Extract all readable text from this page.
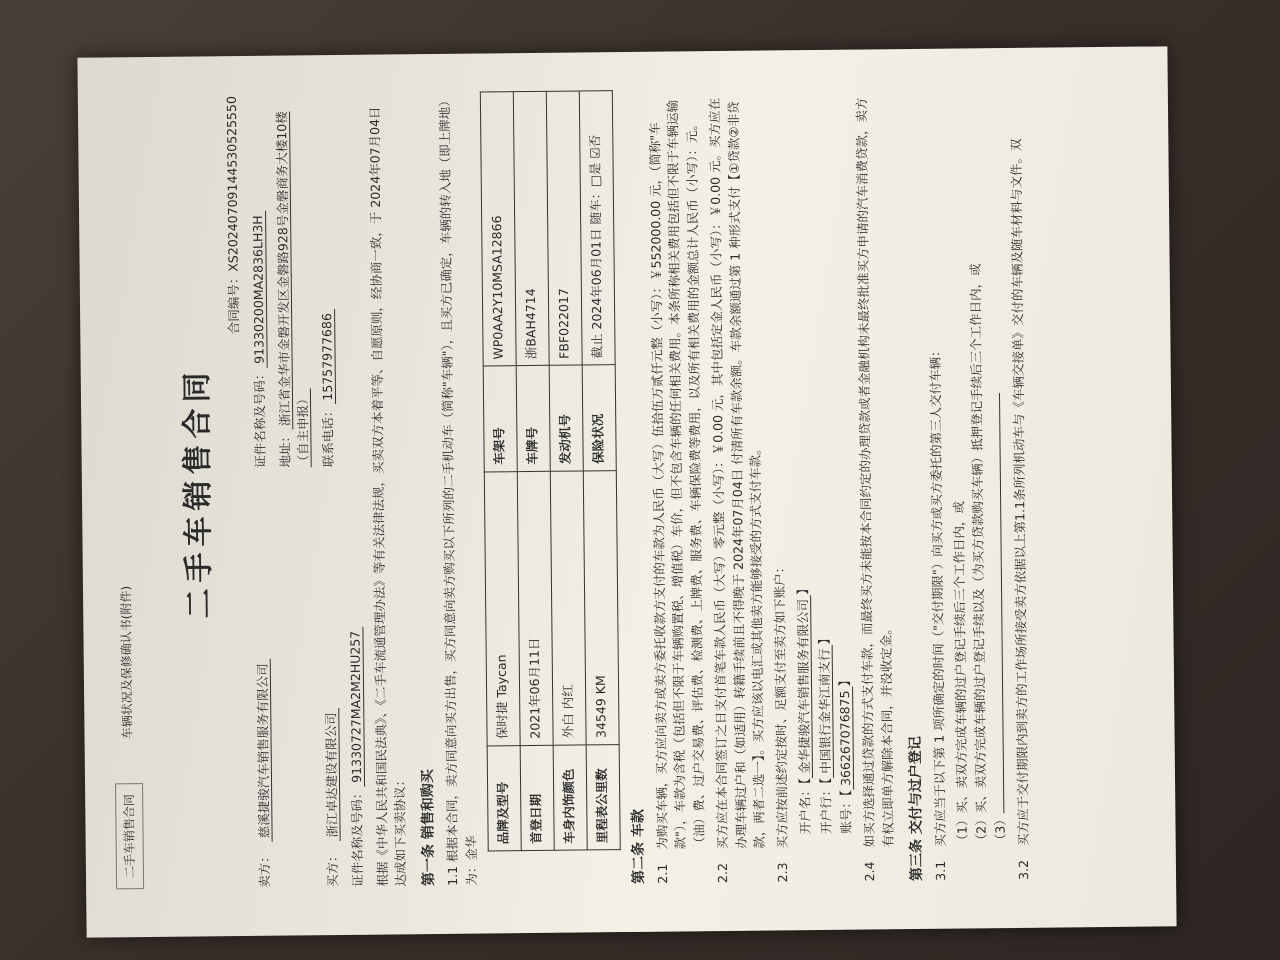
二手车销售合同
车辆状况及保修确认书(附件)
二手车销售合同
合同编号：XS20240709144530525550
卖方：慈溪捷骏汽车销售服务有限公司
证件名称及号码：91330200MA2836LH3H
地址：浙江省金华市金磐开发区金磐路928号金磐商务大楼10楼（自主申报）
买方：浙江卓达建设有限公司
联系电话：15757977686
证件名称及号码：91330727MA2M2HU257 根据《中华人民共和国民法典》、《二手车流通管理办法》等有关法律法规，买卖双方本着平等、自愿原则，经协商一致，于 2024年07月04日 达成如下买卖协议： 第一条 销售和购买 1.1 根据本合同，卖方同意向买方出售，买方同意向卖方购买以下所列的二手机动车（简称"车辆"），且买方已确定，车辆的转入地（即上牌地）为：金华
品牌及型号	保时捷 Taycan	车架号	WP0AA2Y10MSA12866
首登日期	2021年06月11日	车牌号	浙BAH4714
车身内饰颜色	外白 内红	发动机号	FBF022017
里程表公里数	34549 KM	保险状况	截止 2024年06月01日 随车：□是 ☑否
第二条 车款 2.1
为购买车辆，买方应向卖方或卖方委托收款方支付的车款为人民币（大写）伍拾伍万贰仟元整（小写）：￥552000.00 元，（简称"车款"），车款为含税（包括但不限于车辆购置税、增值税）车价，但不包含车辆的任何相关费用。本条所称相关费用包括但不限于车辆运输（油）费、过户交易费、评估费、检测费、上牌费、服务费、车辆保险费等费用，以及所有相关费用的金额总计人民币（小写）：元。
2.2
买方应在本合同签订之日支付首笔车款人民币（大写）零元整（小写）：￥0.00 元，其中包括定金人民币（小写）：￥0.00 元。买方应在办理车辆过户和（如适用）转籍手续前且不得晚于 2024年07月04日 付清所有车款余额。车款余额通过第 1 种形式支付【①贷款②非贷款，两者二选一】。买方应该以电汇或其他卖方能够接受的方式支付车款。
2.3
买方应按前述约定按时、足额支付至卖方如下账户： 开户名：【金华捷骏汽车销售服务有限公司】
开户行：【中国银行金华江南支行】
账号：【366267076875】
2.4
如买方选择通过贷款的方式支付车款，而最终买方未能按本合同约定的办理贷款或者金融机构未最终批准买方申请的汽车消费贷款，卖方有权立即单方解除本合同，并没收定金。 第三条 交付与过户登记 3.1
买方应当于以下第 1 项所确定的时间（"交付期限"）向买方或买方委托的第三人交付车辆： （1）买、卖双方完成车辆的过户登记手续后三个工作日内，或
（2）买、卖双方完成车辆的过户登记手续以及（为买方贷款购买车辆）抵押登记手续后三个工作日内，或 （3）
3.2
买方应于交付期限内到卖方的工作场所接受卖方依据以上第1.1条所列机动车与《车辆交接单》交付的车辆及随车材料与文件。双
